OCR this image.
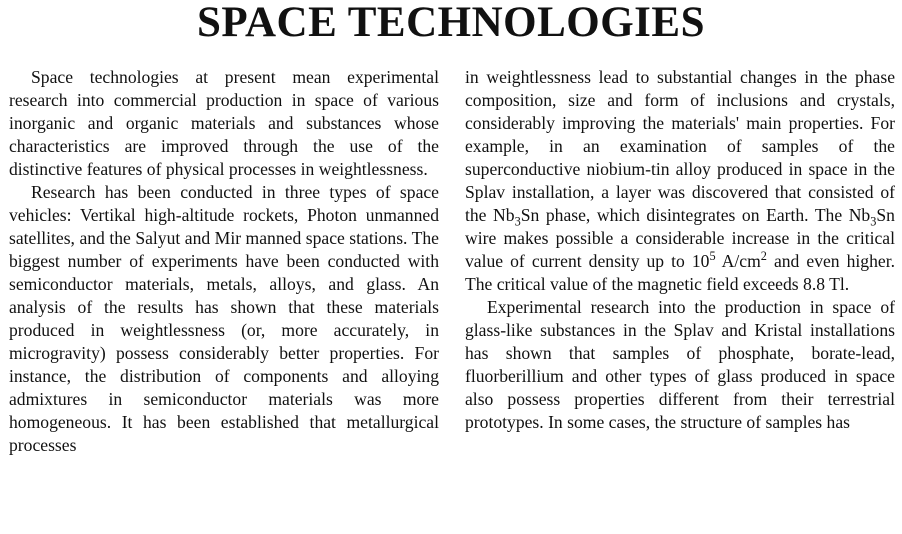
SPACE TECHNOLOGIES

Space technologies at present mean experimental research into commercial production in space of various inorganic and organic materials and substances whose characteristics are improved through the use of the distinctive features of physical processes in weightlessness.

Research has been conducted in three types of space vehicles: Vertikal high-altitude rockets, Photon unmanned satellites, and the Salyut and Mir manned space stations. The biggest number of experiments have been conducted with semiconductor materials, metals, alloys, and glass. An analysis of the results has shown that these materials produced in weightlessness (or, more accurately, in microgravity) possess considerably better properties. For instance, the distribution of components and alloying admixtures in semiconductor materials was more homogeneous. It has been established that metallurgical processes

in weightlessness lead to substantial changes in the phase composition, size and form of inclusions and crystals, considerably improving the materials' main properties. For example, in an examination of samples of the superconductive niobium-tin alloy produced in space in the Splav installation, a layer was discovered that consisted of the $Nb_3Sn$ phase, which disintegrates on Earth. The $Nb_3Sn$ wire makes possible a considerable increase in the critical value of current density up to $10^5$ $A/cm^2$ and even higher. The critical value of the magnetic field exceeds 8.8 Tl.

Experimental research into the production in space of glass-like substances in the Splav and Kristal installations has shown that samples of phosphate, borate-lead, fluorberillium and other types of glass produced in space also possess properties different from their terrestrial prototypes. In some cases, the structure of samples has
